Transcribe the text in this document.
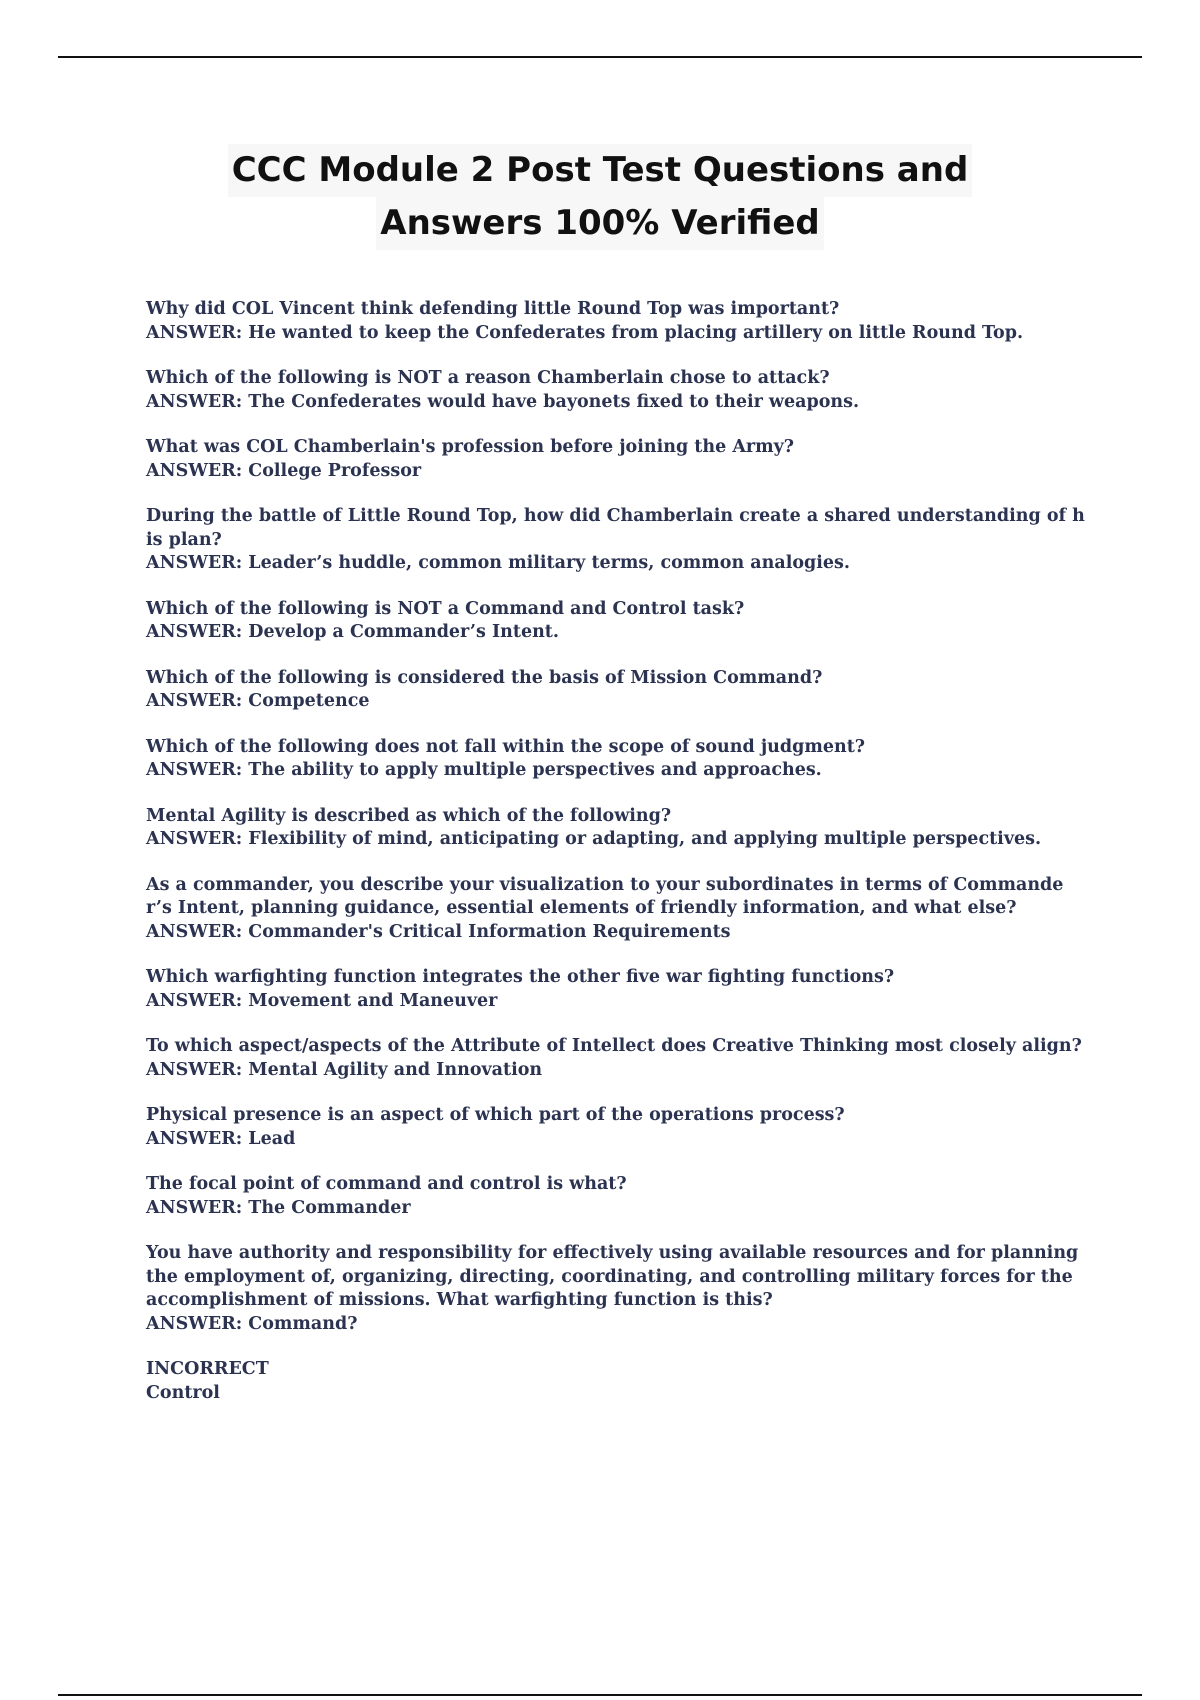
CCC Module 2 Post Test Questions and
Answers 100% Verified
Why did COL Vincent think defending little Round Top was important?
ANSWER: He wanted to keep the Confederates from placing artillery on little Round Top.
Which of the following is NOT a reason Chamberlain chose to attack?
ANSWER: The Confederates would have bayonets fixed to their weapons.
What was COL Chamberlain's profession before joining the Army?
ANSWER: College Professor
During the battle of Little Round Top, how did Chamberlain create a shared understanding of his plan?
ANSWER: Leader’s huddle, common military terms, common analogies.
Which of the following is NOT a Command and Control task?
ANSWER: Develop a Commander’s Intent.
Which of the following is considered the basis of Mission Command?
ANSWER: Competence
Which of the following does not fall within the scope of sound judgment?
ANSWER: The ability to apply multiple perspectives and approaches.
Mental Agility is described as which of the following?
ANSWER: Flexibility of mind, anticipating or adapting, and applying multiple perspectives.
As a commander, you describe your visualization to your subordinates in terms of Commander’s Intent, planning guidance, essential elements of friendly information, and what else?
ANSWER: Commander's Critical Information Requirements
Which warfighting function integrates the other five war fighting functions?
ANSWER: Movement and Maneuver
To which aspect/aspects of the Attribute of Intellect does Creative Thinking most closely align? ANSWER: Mental Agility and Innovation
Physical presence is an aspect of which part of the operations process?
ANSWER: Lead
The focal point of command and control is what?
ANSWER: The Commander
You have authority and responsibility for effectively using available resources and for planning the employment of, organizing, directing, coordinating, and controlling military forces for the accomplishment of missions. What warfighting function is this?
ANSWER: Command?
INCORRECT
Control
